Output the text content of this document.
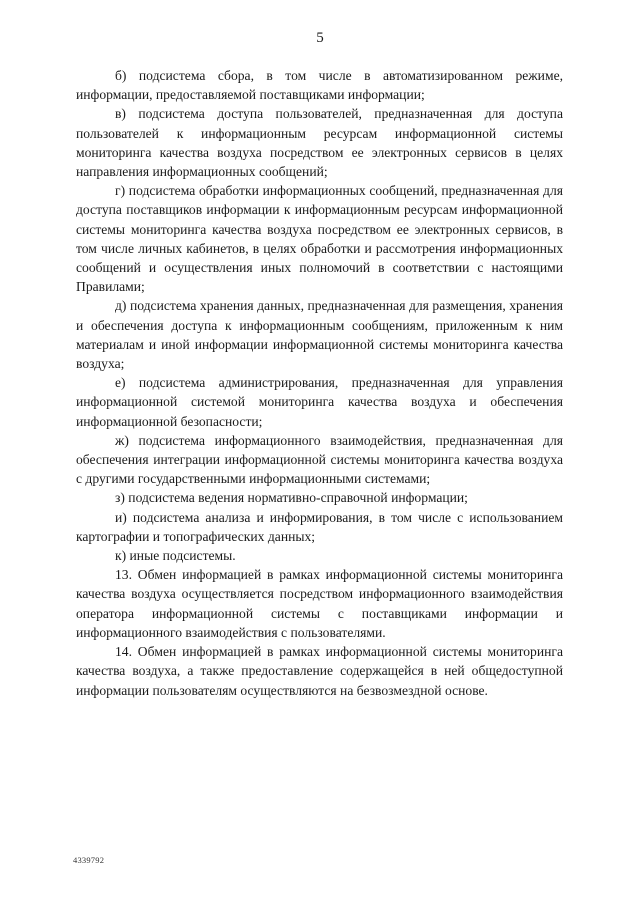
5

б) подсистема сбора, в том числе в автоматизированном режиме, информации, предоставляемой поставщиками информации;

в) подсистема доступа пользователей, предназначенная для доступа пользователей к информационным ресурсам информационной системы мониторинга качества воздуха посредством ее электронных сервисов в целях направления информационных сообщений;

г) подсистема обработки информационных сообщений, предназначенная для доступа поставщиков информации к информационным ресурсам информационной системы мониторинга качества воздуха посредством ее электронных сервисов, в том числе личных кабинетов, в целях обработки и рассмотрения информационных сообщений и осуществления иных полномочий в соответствии с настоящими Правилами;

д) подсистема хранения данных, предназначенная для размещения, хранения и обеспечения доступа к информационным сообщениям, приложенным к ним материалам и иной информации информационной системы мониторинга качества воздуха;

е) подсистема администрирования, предназначенная для управления информационной системой мониторинга качества воздуха и обеспечения информационной безопасности;

ж) подсистема информационного взаимодействия, предназначенная для обеспечения интеграции информационной системы мониторинга качества воздуха с другими государственными информационными системами;

з) подсистема ведения нормативно-справочной информации;

и) подсистема анализа и информирования, в том числе с использованием картографии и топографических данных;

к) иные подсистемы.

13. Обмен информацией в рамках информационной системы мониторинга качества воздуха осуществляется посредством информационного взаимодействия оператора информационной системы с поставщиками информации и информационного взаимодействия с пользователями.

14. Обмен информацией в рамках информационной системы мониторинга качества воздуха, а также предоставление содержащейся в ней общедоступной информации пользователям осуществляются на безвозмездной основе.

4339792
